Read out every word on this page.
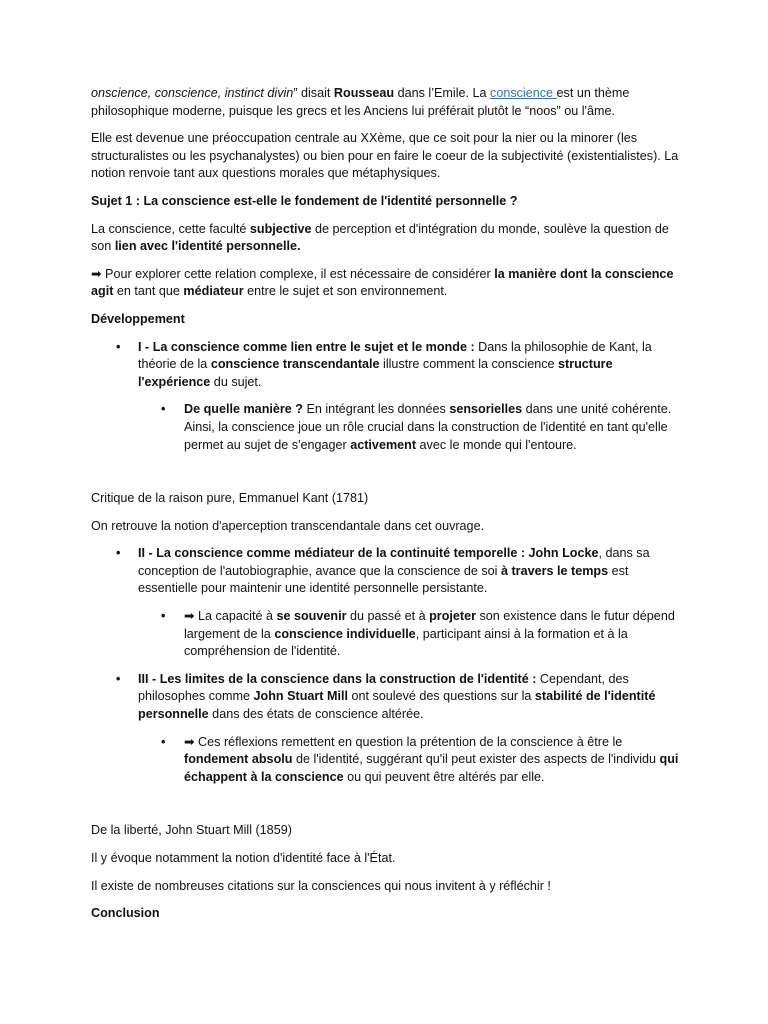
onscience, conscience, instinct divin” disait Rousseau dans l’Emile. La conscience est un thème philosophique moderne, puisque les grecs et les Anciens lui préférait plutôt le “noos” ou l'âme.

Elle est devenue une préoccupation centrale au XXème, que ce soit pour la nier ou la minorer (les structuralistes ou les psychanalystes) ou bien pour en faire le coeur de la subjectivité (existentialistes). La notion renvoie tant aux questions morales que métaphysiques.

Sujet 1 : La conscience est-elle le fondement de l'identité personnelle ?

La conscience, cette faculté subjective de perception et d'intégration du monde, soulève la question de son lien avec l'identité personnelle.

➡ Pour explorer cette relation complexe, il est nécessaire de considérer la manière dont la conscience agit en tant que médiateur entre le sujet et son environnement.

Développement

• I - La conscience comme lien entre le sujet et le monde : Dans la philosophie de Kant, la théorie de la conscience transcendantale illustre comment la conscience structure l'expérience du sujet.
• De quelle manière ? En intégrant les données sensorielles dans une unité cohérente. Ainsi, la conscience joue un rôle crucial dans la construction de l'identité en tant qu'elle permet au sujet de s'engager activement avec le monde qui l'entoure.

Critique de la raison pure, Emmanuel Kant (1781)

On retrouve la notion d'aperception transcendantale dans cet ouvrage.

• II - La conscience comme médiateur de la continuité temporelle : John Locke, dans sa conception de l'autobiographie, avance que la conscience de soi à travers le temps est essentielle pour maintenir une identité personnelle persistante.
• ➡ La capacité à se souvenir du passé et à projeter son existence dans le futur dépend largement de la conscience individuelle, participant ainsi à la formation et à la compréhension de l'identité.
• III - Les limites de la conscience dans la construction de l'identité : Cependant, des philosophes comme John Stuart Mill ont soulevé des questions sur la stabilité de l'identité personnelle dans des états de conscience altérée.
• ➡ Ces réflexions remettent en question la prétention de la conscience à être le fondement absolu de l'identité, suggérant qu'il peut exister des aspects de l'individu qui échappent à la conscience ou qui peuvent être altérés par elle.

De la liberté, John Stuart Mill (1859)

Il y évoque notamment la notion d'identité face à l'État.

Il existe de nombreuses citations sur la consciences qui nous invitent à y réfléchir !

Conclusion
